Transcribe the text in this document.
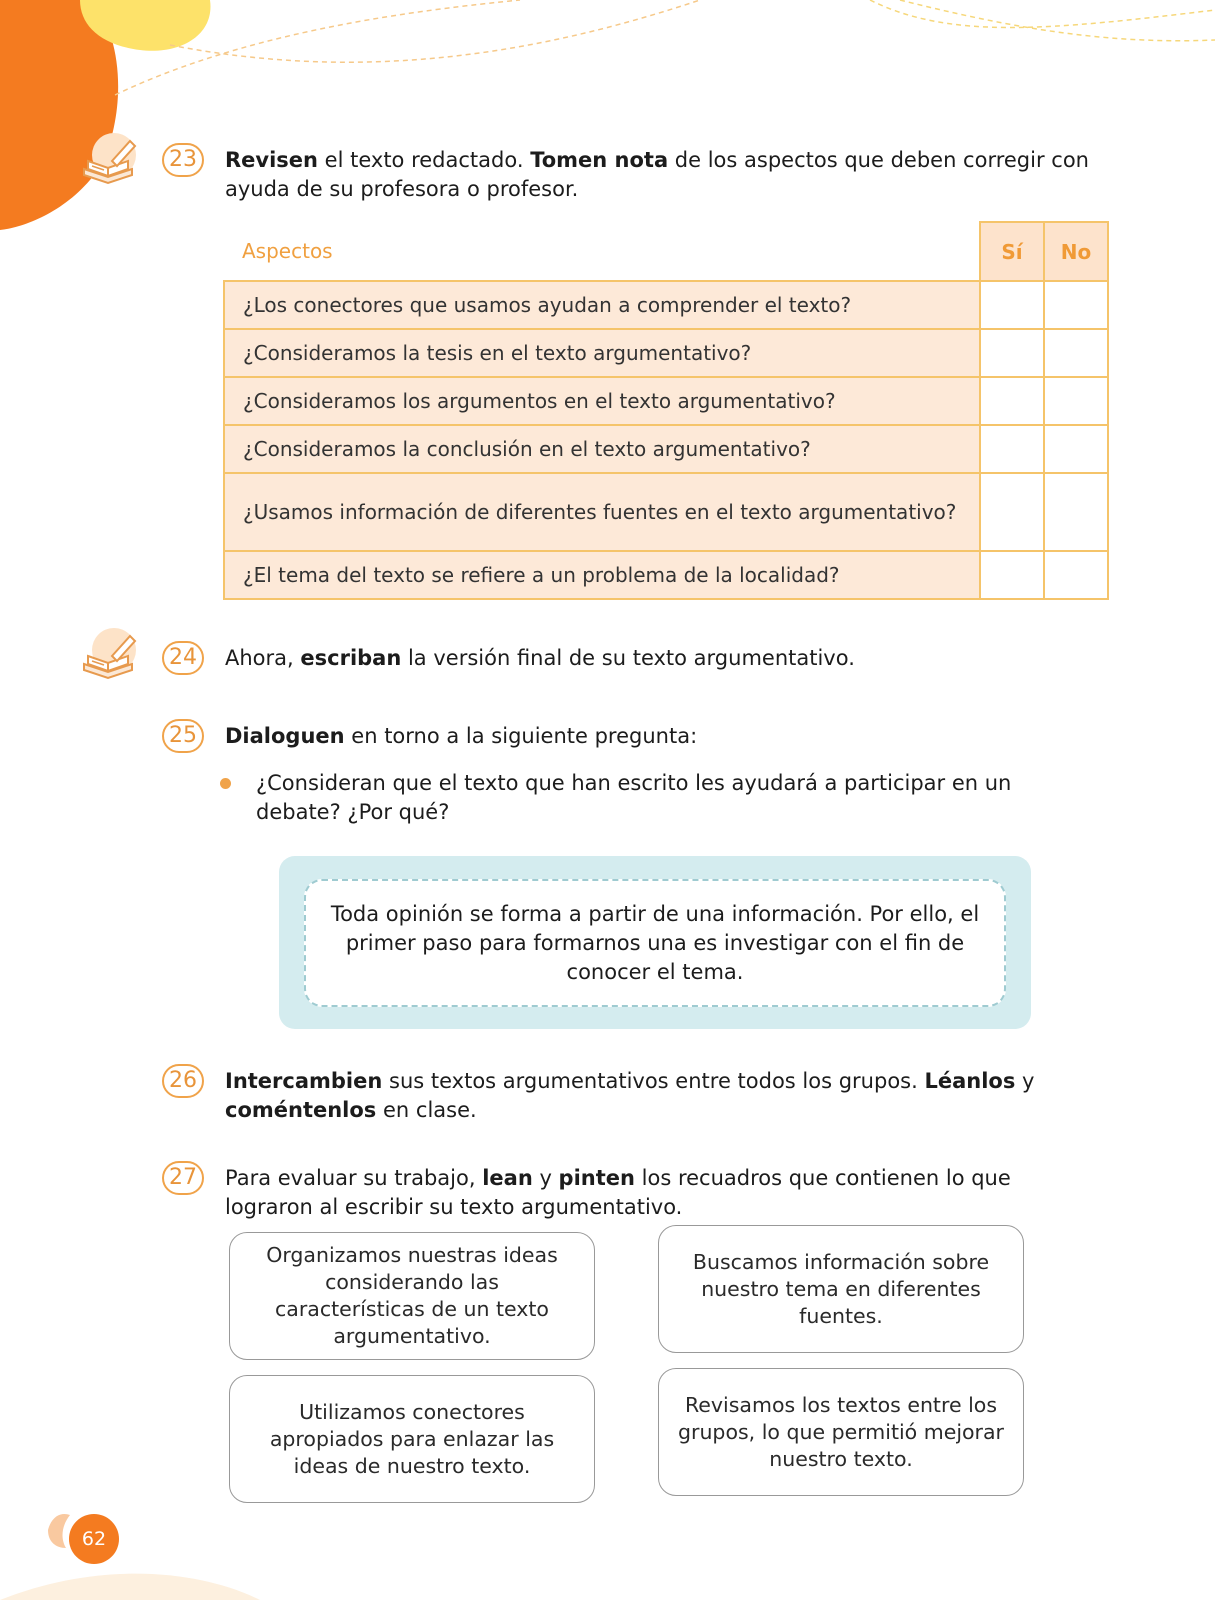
23	Revisen el texto redactado. Tomen nota de los aspectos que deben corregir con ayuda de su profesora o profesor.
Aspectos	Sí	No
¿Los conectores que usamos ayudan a comprender el texto?		
¿Consideramos la tesis en el texto argumentativo?		
¿Consideramos los argumentos en el texto argumentativo?		
¿Consideramos la conclusión en el texto argumentativo?		
¿Usamos información de diferentes fuentes en el texto argumentativo?		
¿El tema del texto se refiere a un problema de la localidad?		
24	Ahora, escriban la versión final de su texto argumentativo.
25	Dialoguen en torno a la siguiente pregunta:
¿Consideran que el texto que han escrito les ayudará a participar en un debate? ¿Por qué?
Toda opinión se forma a partir de una información. Por ello, el primer paso para formarnos una es investigar con el fin de conocer el tema.
26	Intercambien sus textos argumentativos entre todos los grupos. Léanlos y coméntenlos en clase.
27	Para evaluar su trabajo, lean y pinten los recuadros que contienen lo que lograron al escribir su texto argumentativo.
Organizamos nuestras ideas considerando las características de un texto argumentativo.
Buscamos información sobre nuestro tema en diferentes fuentes.
Utilizamos conectores apropiados para enlazar las ideas de nuestro texto.
Revisamos los textos entre los grupos, lo que permitió mejorar nuestro texto.
62
